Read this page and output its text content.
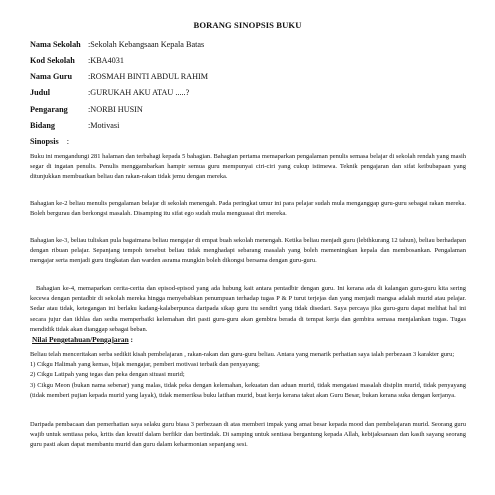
BORANG SINOPSIS BUKU
Nama Sekolah :Sekolah Kebangsaan Kepala Batas
Kod Sekolah:KBA4031
Nama Guru:ROSMAH BINTI ABDUL RAHIM
Judul	:GURUKAH AKU ATAU .....?
Pengarang:NORBI HUSIN
Bidang	:Motivasi
Sinopsis :

Buku ini mengandungi 281 halaman dan terbahagi kepada 5 bahagian. Bahagian pertama memaparkan pengalaman penulis semasa belajar di sekolah rendah yang masih segar di ingatan penulis. Penulis menggambarkan hampir semua guru mempunyai ciri-ciri yang cukup istimewa. Teknik pengajaran dan sifat keibubapaan yang ditunjukkan membuatkan beliau dan rakan-rakan tidak jemu dengan mereka.

Bahagian ke-2 beliau menulis pengalaman belajar di sekolah menengah. Pada peringkat umur ini para pelajar sudah mula menganggap guru-guru sebagai rakan mereka. Boleh bergurau dan berkongsi masalah. Disamping itu sifat ego sudah mula menguasai diri mereka.

Bahagian ke-3, beliau tuliskan pula bagaimana beliau mengajar di empat buah sekolah menengah. Ketika beliau menjadi guru (lebihkurang 12 tahun), beliau berhadapan dengan ribuan pelajar. Sepanjang tempoh tersebut beliau tidak menghadapi sebarang masalah yang boleh memeningkan kepala dan membosankan. Pengalaman mengajar serta menjadi guru tingkatan dan warden asrama mungkin boleh dikongsi bersama dengan guru-guru.

Bahagian ke-4, memaparkan cerita-cerita dan episod-episod yang ada hubung kait antara pentadbir dengan guru. Ini kerana ada di kalangan guru-guru kita sering kecewa dengan pentadbir di sekolah mereka hingga menyebabkan penumpuan terhadap tugas P & P turut terjejas dan yang menjadi mangsa adalah murid atau pelajar. Sedar atau tidak, ketegangan ini berlaku kadang-kalaberpunca daripada sikap guru itu sendiri yang tidak disedari. Saya percaya jika guru-guru dapat melihat hal ini secara jujur dan ikhlas dan sedia memperbaiki kelemahan diri pasti guru-guru akan gembira berada di tempat kerja dan gembira semasa menjalankan tugas. Tugas mendidik tidak akan dianggap sebagai beban.

Nilai Pengetahuan/Pengajaran :
Beliau telah menceritakan serba sedikit kisah pembelajaran , rakan-rakan dan guru-guru beliau. Antara yang menarik perhatian saya ialah perbezaan 3 karakter guru;
1) Cikgu Halimah yang kemas, bijak mengajar, pemberi motivasi terbaik dan penyayang;
2) Cikgu Latipah yang tegas dan peka dengan situasi murid;
3) Cikgu Meon (bukan nama sebenar) yang malas, tidak peka dengan kelemahan, kekuatan dan aduan murid, tidak mengatasi masalah disiplin murid, tidak penyayang (tidak memberi pujian kepada murid yang layak), tidak memeriksa buku latihan murid, buat kerja kerana takut akan Guru Besar, bukan kerana suka dengan kerjanya.

Daripada pembacaan dan pemerhatian saya selaku guru biasa 3 perbezaan di atas memberi impak yang amat besar kepada mood dan pembelajaran murid. Seorang guru wajib untuk sentiasa peka, kritis dan kreatif dalam berfikir dan bertindak. Di samping untuk sentiasa bergantung kepada Allah, kebijaksanaan dan kasih sayang seorang guru pasti akan dapat membantu murid dan guru dalam keharmonian sepanjang sesi.
